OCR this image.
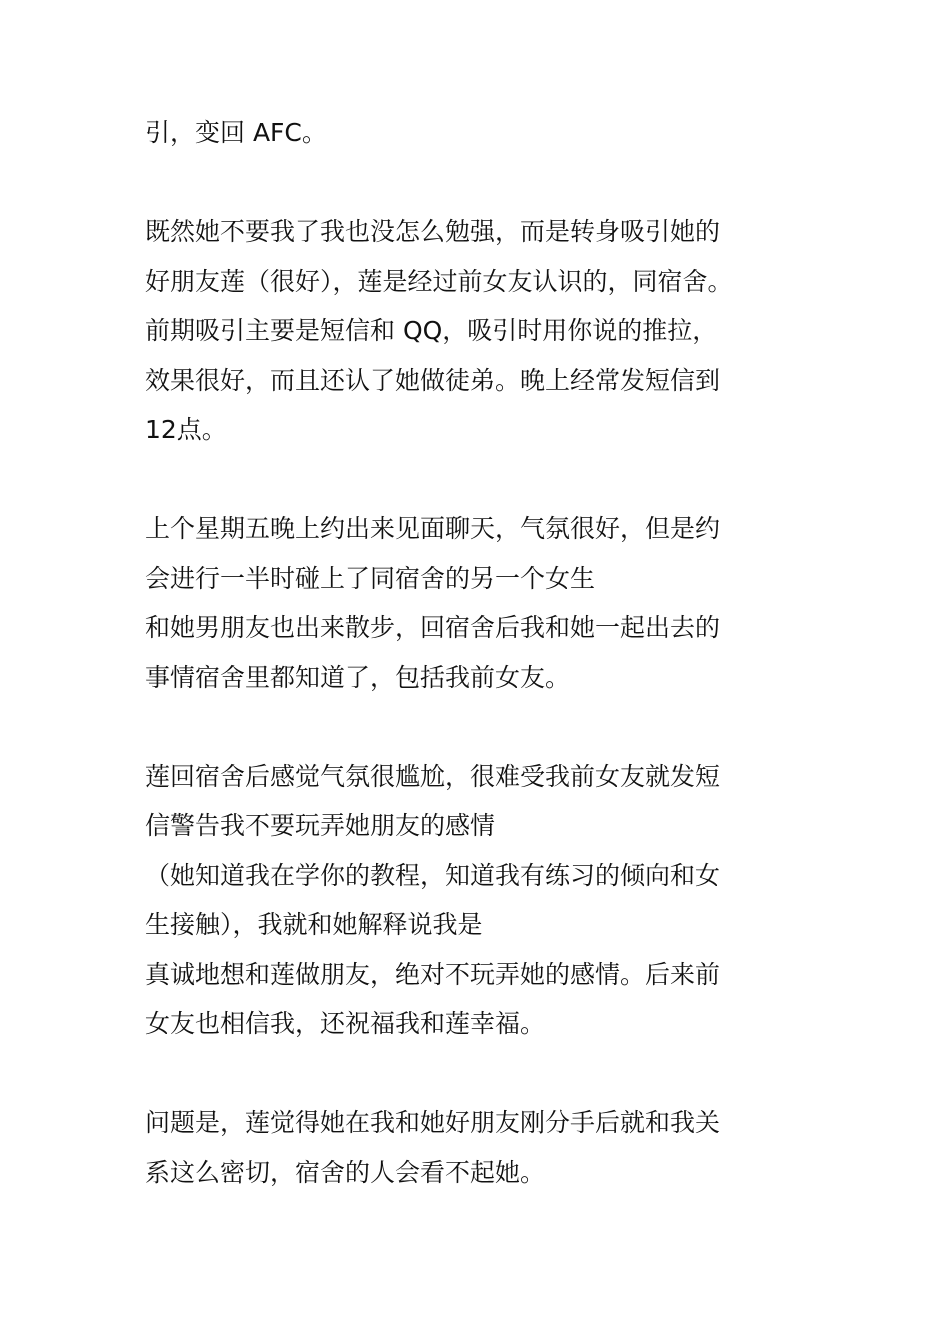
引，变回 AFC。

既然她不要我了我也没怎么勉强，而是转身吸引她的
好朋友莲（很好），莲是经过前女友认识的，同宿舍。
前期吸引主要是短信和 QQ，吸引时用你说的推拉，
效果很好，而且还认了她做徒弟。晚上经常发短信到
12点。

上个星期五晚上约出来见面聊天，气氛很好，但是约
会进行一半时碰上了同宿舍的另一个女生
和她男朋友也出来散步，回宿舍后我和她一起出去的
事情宿舍里都知道了，包括我前女友。

莲回宿舍后感觉气氛很尴尬，很难受我前女友就发短
信警告我不要玩弄她朋友的感情
（她知道我在学你的教程，知道我有练习的倾向和女
生接触），我就和她解释说我是
真诚地想和莲做朋友，绝对不玩弄她的感情。后来前
女友也相信我，还祝福我和莲幸福。

问题是，莲觉得她在我和她好朋友刚分手后就和我关
系这么密切，宿舍的人会看不起她。
